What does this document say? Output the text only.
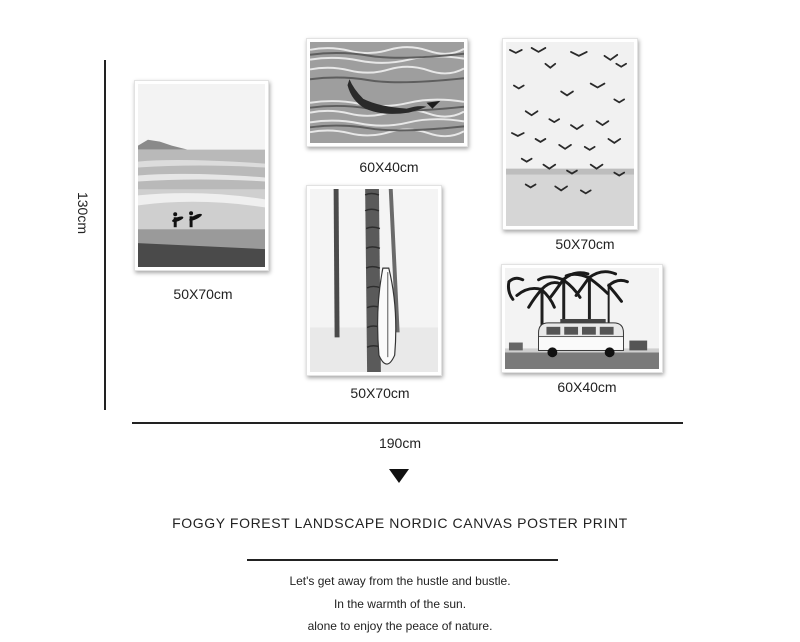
130cm
190cm
50X70cm
60X40cm
50X70cm
50X70cm
60X40cm
FOGGY FOREST LANDSCAPE NORDIC CANVAS POSTER PRINT
Let's get away from the hustle and bustle.
In the warmth of the sun.
alone to enjoy the peace of nature.
